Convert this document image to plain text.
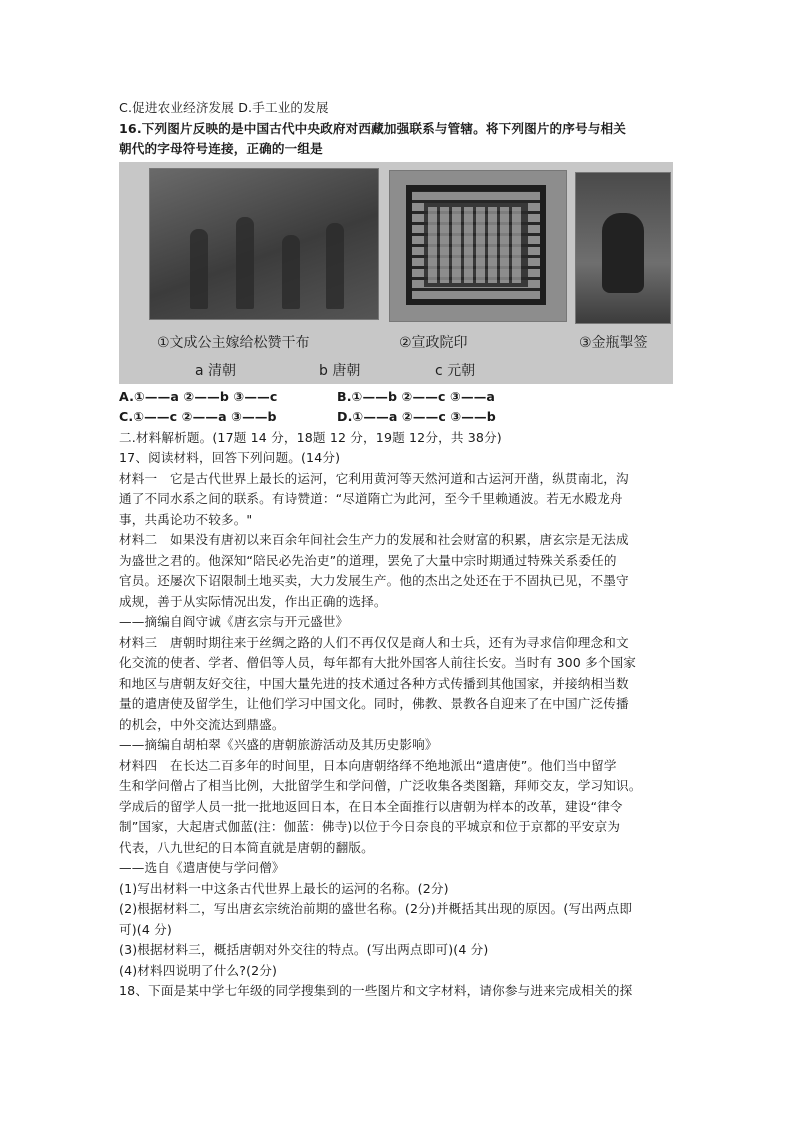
C.促进农业经济发展 D.手工业的发展
16.下列图片反映的是中国古代中央政府对西藏加强联系与管辖。将下列图片的序号与相关
朝代的字母符号连接，正确的一组是
①文成公主嫁给松赞干布	②宣政院印	③金瓶掣签
a 清朝	b 唐朝	c 元朝
A.①——a ②——b ③——c	B.①——b ②——c ③——a
C.①——c ②——a ③——b	D.①——a ②——c ③——b
二.材料解析题。(17题 14 分，18题 12 分，19题 12分，共 38分)
17、阅读材料，回答下列问题。(14分)
材料一　它是古代世界上最长的运河，它利用黄河等天然河道和古运河开凿，纵贯南北，沟
通了不同水系之间的联系。有诗赞道：“尽道隋亡为此河，至今千里赖通波。若无水殿龙舟
事，共禹论功不较多。"
材料二　如果没有唐初以来百余年间社会生产力的发展和社会财富的积累，唐玄宗是无法成
为盛世之君的。他深知“陪民必先治吏”的道理，罢免了大量中宗时期通过特殊关系委任的
官员。还屡次下诏限制土地买卖，大力发展生产。他的杰出之处还在于不固执已见，不墨守
成规，善于从实际情况出发，作出正确的选择。
——摘编自阎守诚《唐玄宗与开元盛世》
材料三　唐朝时期往来于丝绸之路的人们不再仅仅是商人和士兵，还有为寻求信仰理念和文
化交流的使者、学者、僧侣等人员，每年都有大批外国客人前往长安。当时有 300 多个国家
和地区与唐朝友好交往，中国大量先进的技术通过各种方式传播到其他国家，并接纳相当数
量的遣唐使及留学生，让他们学习中国文化。同时，佛教、景教各自迎来了在中国广泛传播
的机会，中外交流达到鼎盛。
——摘编自胡柏翠《兴盛的唐朝旅游活动及其历史影响》
材料四　在长达二百多年的时间里，日本向唐朝络绎不绝地派出“遣唐使”。他们当中留学
生和学问僧占了相当比例，大批留学生和学问僧，广泛收集各类图籍，拜师交友，学习知识。
学成后的留学人员一批一批地返回日本，在日本全面推行以唐朝为样本的改革，建设“律令
制”国家，大起唐式伽蓝(注：伽蓝：佛寺)以位于今日奈良的平城京和位于京都的平安京为
代表，八九世纪的日本简直就是唐朝的翻版。
——选自《遣唐使与学问僧》
(1)写出材料一中这条古代世界上最长的运河的名称。(2分)
(2)根据材料二，写出唐玄宗统治前期的盛世名称。(2分)并概括其出现的原因。(写出两点即
可)(4 分)
(3)根据材料三，概括唐朝对外交往的特点。(写出两点即可)(4 分)
(4)材料四说明了什么?(2分)
18、下面是某中学七年级的同学搜集到的一些图片和文字材料，请你参与进来完成相关的探
